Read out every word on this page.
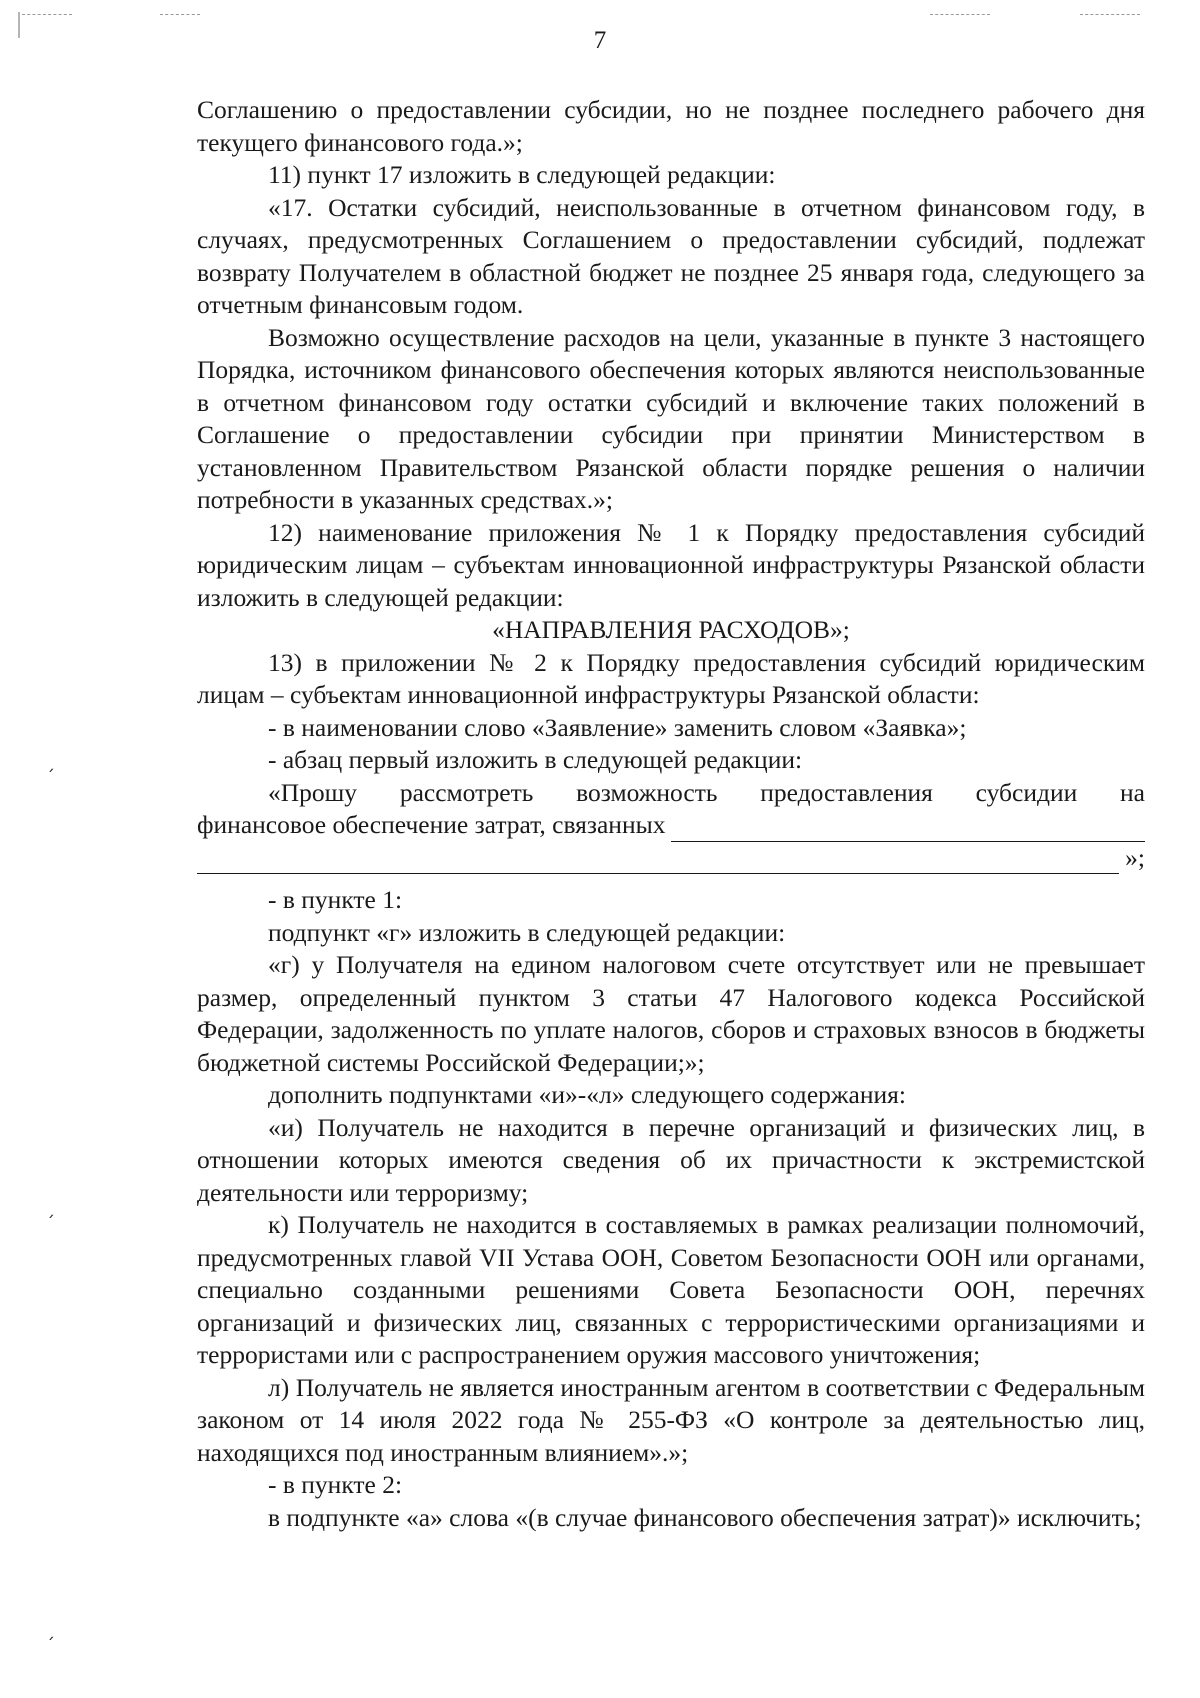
7

Соглашению о предоставлении субсидии, но не позднее последнего рабочего дня текущего финансового года.»;

11) пункт 17 изложить в следующей редакции:

«17. Остатки субсидий, неиспользованные в отчетном финансовом году, в случаях, предусмотренных Соглашением о предоставлении субсидий, подлежат возврату Получателем в областной бюджет не позднее 25 января года, следующего за отчетным финансовым годом.

Возможно осуществление расходов на цели, указанные в пункте 3 настоящего Порядка, источником финансового обеспечения которых являются неиспользованные в отчетном финансовом году остатки субсидий и включение таких положений в Соглашение о предоставлении субсидии при принятии Министерством в установленном Правительством Рязанской области порядке решения о наличии потребности в указанных средствах.»;

12) наименование приложения № 1 к Порядку предоставления субсидий юридическим лицам – субъектам инновационной инфраструктуры Рязанской области изложить в следующей редакции:

«НАПРАВЛЕНИЯ РАСХОДОВ»;

13) в приложении № 2 к Порядку предоставления субсидий юридическим лицам – субъектам инновационной инфраструктуры Рязанской области:

- в наименовании слово «Заявление» заменить словом «Заявка»;

- абзац первый изложить в следующей редакции:

«Прошу рассмотреть возможность предоставления субсидии на

финансовое обеспечение затрат, связанных
»;

- в пункте 1:

подпункт «г» изложить в следующей редакции:

«г) у Получателя на едином налоговом счете отсутствует или не превышает размер, определенный пунктом 3 статьи 47 Налогового кодекса Российской Федерации, задолженность по уплате налогов, сборов и страховых взносов в бюджеты бюджетной системы Российской Федерации;»;

дополнить подпунктами «и»-«л» следующего содержания:

«и) Получатель не находится в перечне организаций и физических лиц, в отношении которых имеются сведения об их причастности к экстремистской деятельности или терроризму;

к) Получатель не находится в составляемых в рамках реализации полномочий, предусмотренных главой VII Устава ООН, Советом Безопасности ООН или органами, специально созданными решениями Совета Безопасности ООН, перечнях организаций и физических лиц, связанных с террористическими организациями и террористами или с распространением оружия массового уничтожения;

л) Получатель не является иностранным агентом в соответствии с Федеральным законом от 14 июля 2022 года № 255-ФЗ «О контроле за деятельностью лиц, находящихся под иностранным влиянием».»;

- в пункте 2:

в подпункте «а» слова «(в случае финансового обеспечения затрат)» исключить;

ˏ
ˏ
ˏ
